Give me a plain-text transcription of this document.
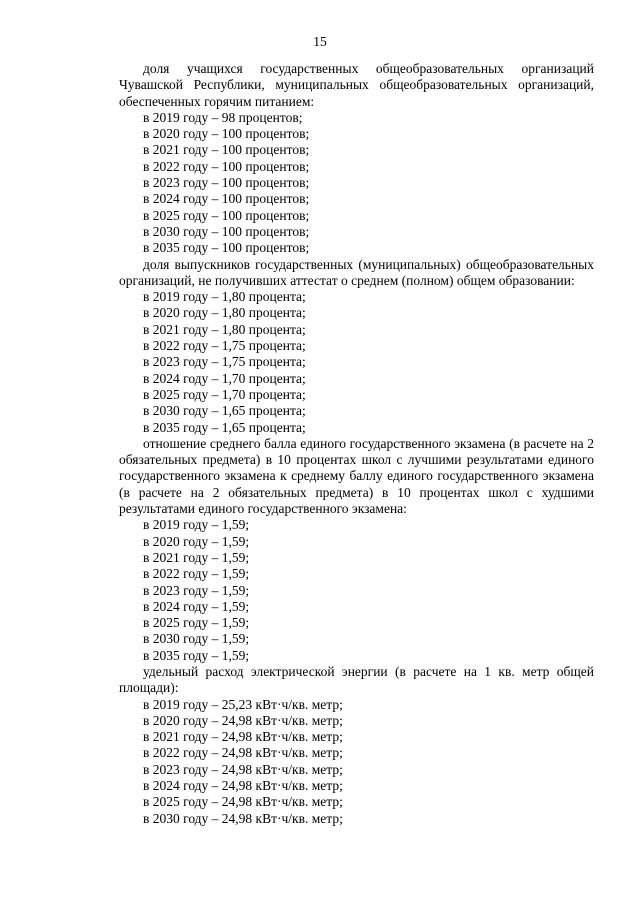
15

доля учащихся государственных общеобразовательных организаций Чувашской Республики, муниципальных общеобразовательных организаций, обеспеченных горячим питанием:

в 2019 году – 98 процентов;
в 2020 году – 100 процентов;
в 2021 году – 100 процентов;
в 2022 году – 100 процентов;
в 2023 году – 100 процентов;
в 2024 году – 100 процентов;
в 2025 году – 100 процентов;
в 2030 году – 100 процентов;
в 2035 году – 100 процентов;

доля выпускников государственных (муниципальных) общеобразовательных организаций, не получивших аттестат о среднем (полном) общем образовании:

в 2019 году – 1,80 процента;
в 2020 году – 1,80 процента;
в 2021 году – 1,80 процента;
в 2022 году – 1,75 процента;
в 2023 году – 1,75 процента;
в 2024 году – 1,70 процента;
в 2025 году – 1,70 процента;
в 2030 году – 1,65 процента;
в 2035 году – 1,65 процента;

отношение среднего балла единого государственного экзамена (в расчете на 2 обязательных предмета) в 10 процентах школ с лучшими результатами единого государственного экзамена к среднему баллу единого государственного экзамена (в расчете на 2 обязательных предмета) в 10 процентах школ с худшими результатами единого государственного экзамена:

в 2019 году – 1,59;
в 2020 году – 1,59;
в 2021 году – 1,59;
в 2022 году – 1,59;
в 2023 году – 1,59;
в 2024 году – 1,59;
в 2025 году – 1,59;
в 2030 году – 1,59;
в 2035 году – 1,59;

удельный расход электрической энергии (в расчете на 1 кв. метр общей площади):

в 2019 году – 25,23 кВт·ч/кв. метр;
в 2020 году – 24,98 кВт·ч/кв. метр;
в 2021 году – 24,98 кВт·ч/кв. метр;
в 2022 году – 24,98 кВт·ч/кв. метр;
в 2023 году – 24,98 кВт·ч/кв. метр;
в 2024 году – 24,98 кВт·ч/кв. метр;
в 2025 году – 24,98 кВт·ч/кв. метр;
в 2030 году – 24,98 кВт·ч/кв. метр;
